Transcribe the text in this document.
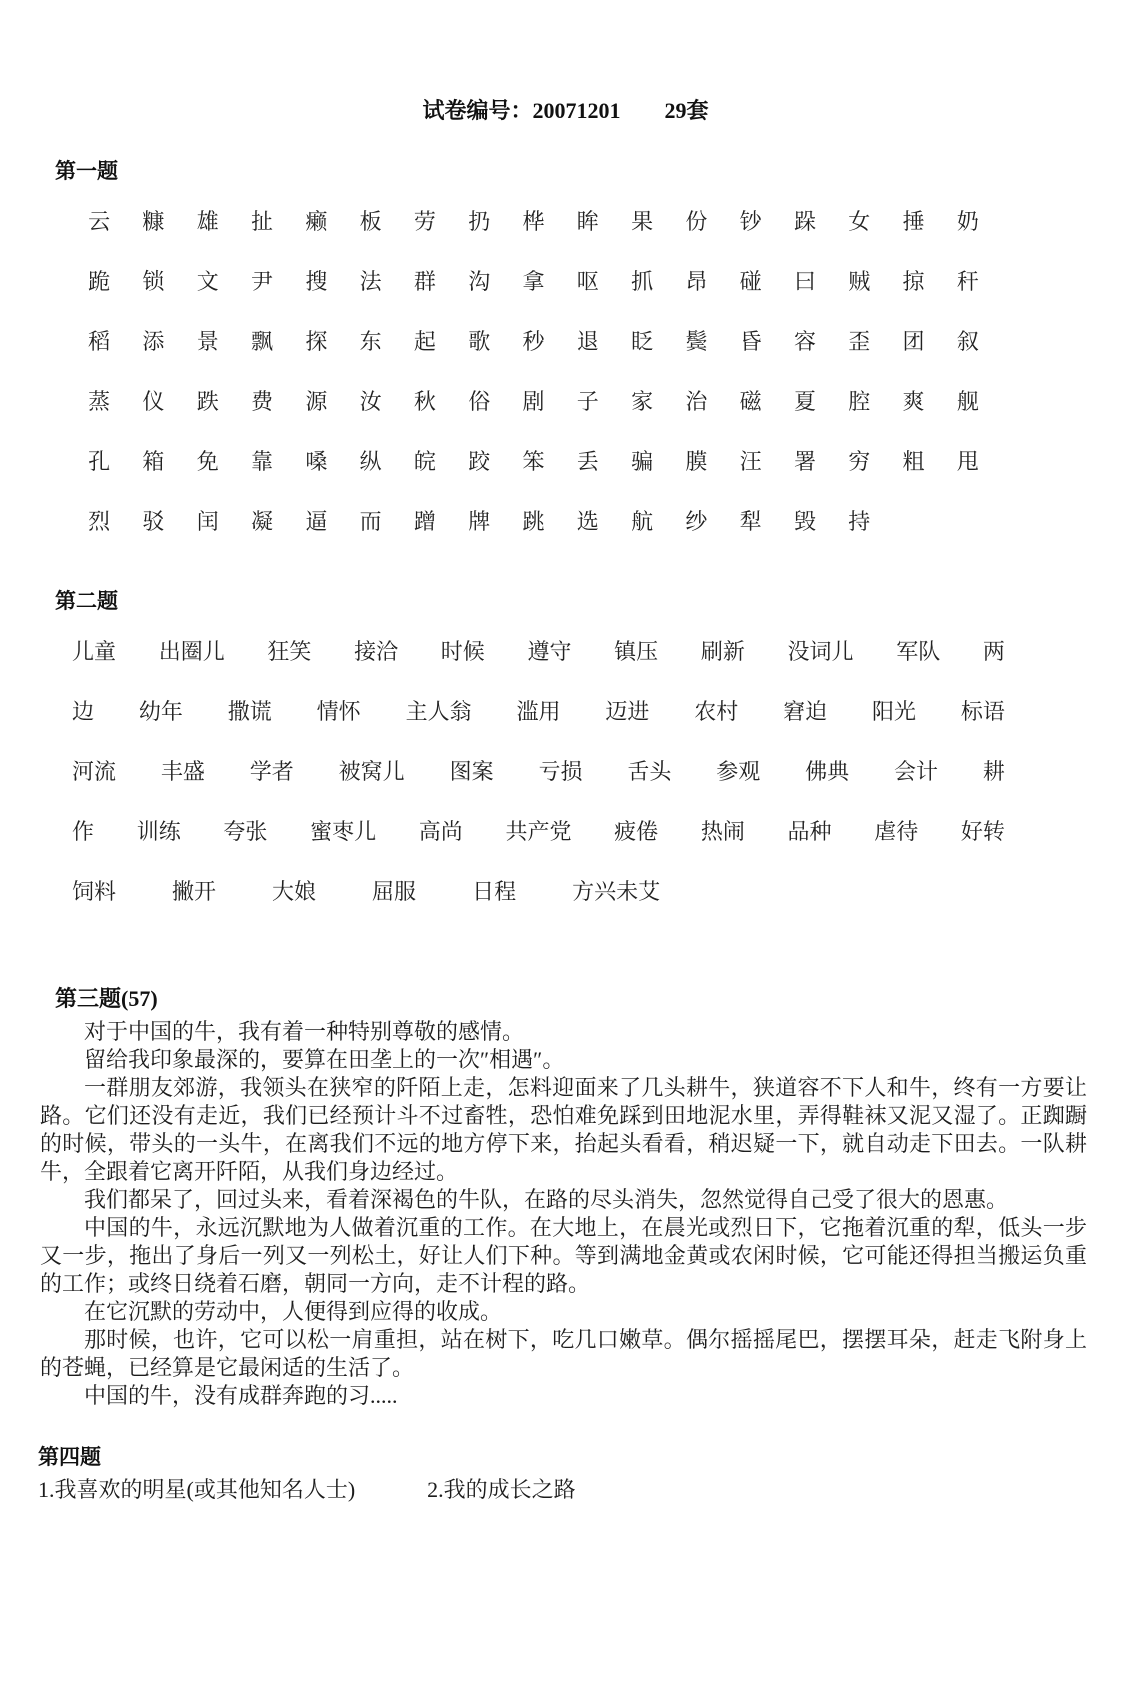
试卷编号：20071201　　29套
第一题
云	糠	雄	扯	癞	板	劳	扔	桦	眸	果	份	钞	跺	女	捶	奶
跪	锁	文	尹	搜	法	群	沟	拿	呕	抓	昂	碰	曰	贼	掠	秆
稻	添	景	飘	探	东	起	歌	秒	退	眨	鬓	昏	容	歪	团	叙
蒸	仪	跌	费	源	汝	秋	俗	剧	子	家	治	磁	夏	腔	爽	舰
孔	箱	免	靠	嗓	纵	皖	跤	笨	丢	骗	膜	汪	署	穷	粗	甩
烈	驳	闰	凝	逼	而	蹭	牌	跳	选	航	纱	犁	毁	持
第二题
儿童 出圈儿 狂笑 接洽 时候 遵守 镇压 刷新 没词儿 军队 两
边 幼年 撒谎 情怀 主人翁 滥用 迈进 农村 窘迫 阳光 标语
河流 丰盛 学者 被窝儿 图案 亏损 舌头 参观 佛典 会计 耕
作 训练 夸张 蜜枣儿 高尚 共产党 疲倦 热闹 品种 虐待 好转
饲料	撇开	大娘	屈服	日程	方兴未艾
第三题(57)

对于中国的牛，我有着一种特别尊敬的感情。

留给我印象最深的，要算在田垄上的一次″相遇″。

一群朋友郊游，我领头在狭窄的阡陌上走，怎料迎面来了几头耕牛，狭道容不下人和牛，终有一方要让路。它们还没有走近，我们已经预计斗不过畜牲，恐怕难免踩到田地泥水里，弄得鞋袜又泥又湿了。正踟蹰的时候，带头的一头牛，在离我们不远的地方停下来，抬起头看看，稍迟疑一下，就自动走下田去。一队耕牛，全跟着它离开阡陌，从我们身边经过。

我们都呆了，回过头来，看着深褐色的牛队，在路的尽头消失，忽然觉得自己受了很大的恩惠。

中国的牛，永远沉默地为人做着沉重的工作。在大地上，在晨光或烈日下，它拖着沉重的犁，低头一步又一步，拖出了身后一列又一列松土，好让人们下种。等到满地金黄或农闲时候，它可能还得担当搬运负重的工作；或终日绕着石磨，朝同一方向，走不计程的路。

在它沉默的劳动中，人便得到应得的收成。

那时候，也许，它可以松一肩重担，站在树下，吃几口嫩草。偶尔摇摇尾巴，摆摆耳朵，赶走飞附身上的苍蝇，已经算是它最闲适的生活了。

中国的牛，没有成群奔跑的习.....

第四题
1.我喜欢的明星(或其他知名人士)	2.我的成长之路
